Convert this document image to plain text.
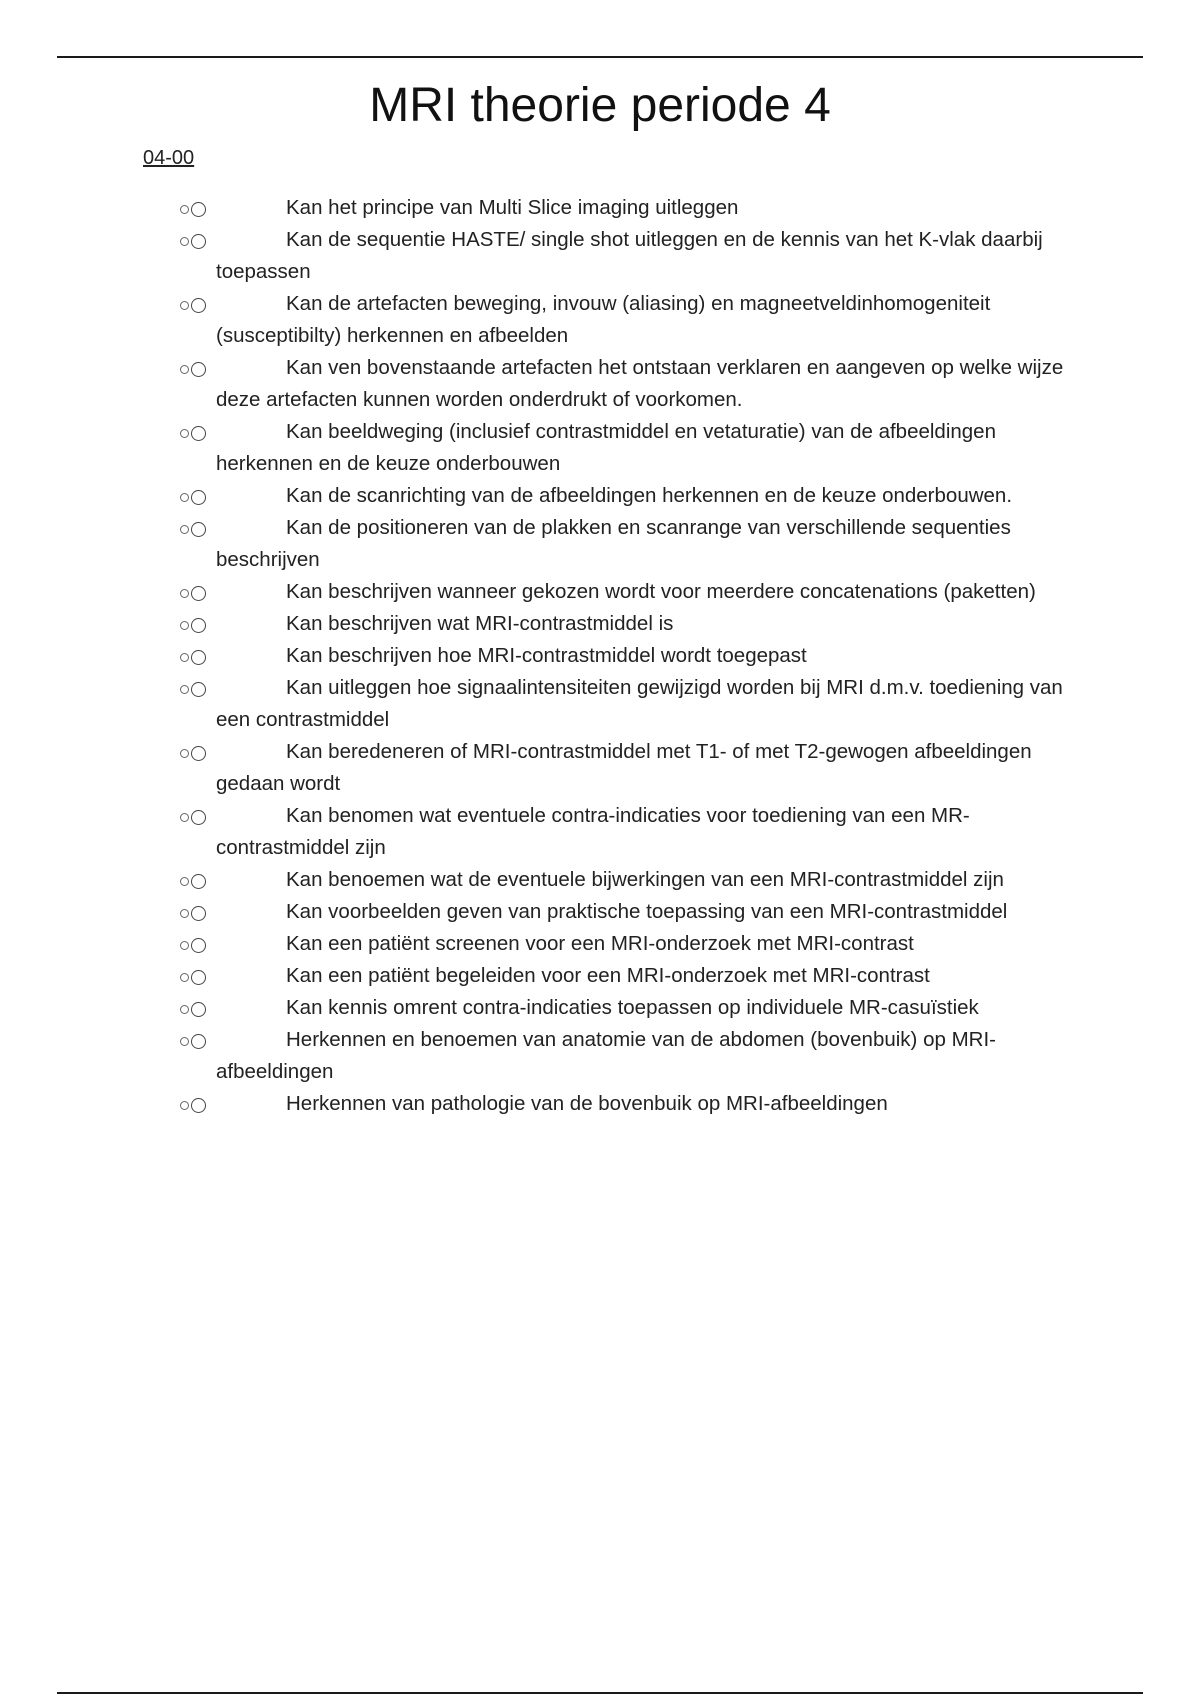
MRI theorie periode 4
04-00
Kan het principe van Multi Slice imaging uitleggen
Kan de sequentie HASTE/ single shot uitleggen en de kennis van het K-vlak daarbij toepassen
Kan de artefacten beweging, invouw (aliasing) en magneetveldinhomogeniteit (susceptibilty) herkennen en afbeelden
Kan ven bovenstaande artefacten het ontstaan verklaren en aangeven op welke wijze deze artefacten kunnen worden onderdrukt of voorkomen.
Kan beeldweging (inclusief contrastmiddel en vetaturatie) van de afbeeldingen herkennen en de keuze onderbouwen
Kan de scanrichting van de afbeeldingen herkennen en de keuze onderbouwen.
Kan de positioneren van de plakken en scanrange van verschillende sequenties beschrijven
Kan beschrijven wanneer gekozen wordt voor meerdere concatenations (paketten)
Kan beschrijven wat MRI-contrastmiddel is
Kan beschrijven hoe MRI-contrastmiddel wordt toegepast
Kan uitleggen hoe signaalintensiteiten gewijzigd worden bij MRI d.m.v. toediening van een contrastmiddel
Kan beredeneren of MRI-contrastmiddel met T1- of met T2-gewogen afbeeldingen gedaan wordt
Kan benomen wat eventuele contra-indicaties voor toediening van een MR-contrastmiddel zijn
Kan benoemen wat de eventuele bijwerkingen van een MRI-contrastmiddel zijn
Kan voorbeelden geven van praktische toepassing van een MRI-contrastmiddel
Kan een patiënt screenen voor een MRI-onderzoek met MRI-contrast
Kan een patiënt begeleiden voor een MRI-onderzoek met MRI-contrast
Kan kennis omrent contra-indicaties toepassen op individuele MR-casuïstiek
Herkennen en benoemen van anatomie van de abdomen (bovenbuik) op MRI-afbeeldingen
Herkennen van pathologie van de bovenbuik op MRI-afbeeldingen
